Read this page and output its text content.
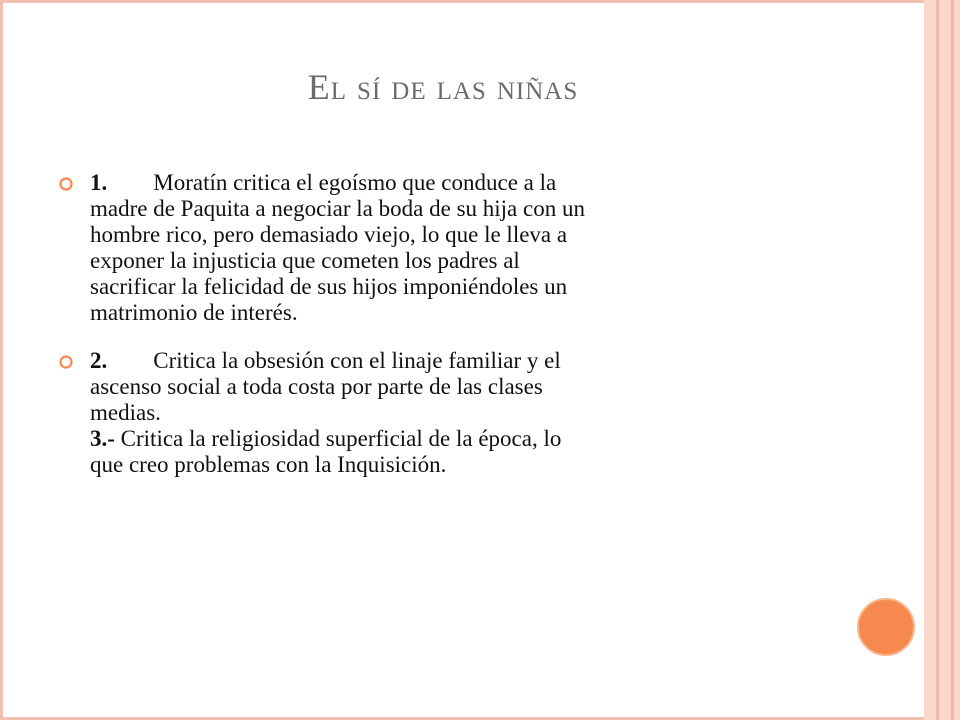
El sí de las niñas
1. Moratín critica el egoísmo que conduce a la
madre de Paquita a negociar la boda de su hija con un
hombre rico, pero demasiado viejo, lo que le lleva a
exponer la injusticia que cometen los padres al
sacrificar la felicidad de sus hijos imponiéndoles un
matrimonio de interés.
2. Critica la obsesión con el linaje familiar y el
ascenso social a toda costa por parte de las clases
medias.
3.- Critica la religiosidad superficial de la época, lo
que creo problemas con la Inquisición.
